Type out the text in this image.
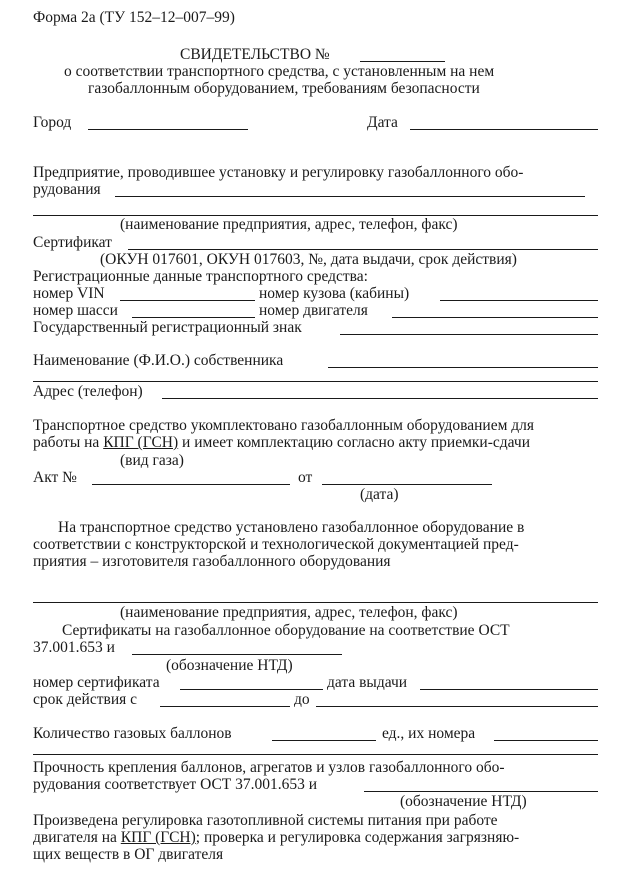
Форма 2а (ТУ 152–12–007–99)
СВИДЕТЕЛЬСТВО №
о соответствии транспортного средства, с установленным на нем
газобаллонным оборудованием, требованиям безопасности
Город	Дата
Предприятие, проводившее установку и регулировку газобаллонного обо-
рудования
(наименование предприятия, адрес, телефон, факс)
Сертификат
(ОКУН 017601, ОКУН 017603, №, дата выдачи, срок действия)
Регистрационные данные транспортного средства:
номер VIN	номер кузова (кабины)
номер шасси	номер двигателя
Государственный регистрационный знак
Наименование (Ф.И.О.) собственника
Адрес (телефон)
Транспортное средство укомплектовано газобаллонным оборудованием для
работы на КПГ (ГСН) и имеет комплектацию согласно акту приемки-сдачи
(вид газа)
Акт №	от
(дата)
На транспортное средство установлено газобаллонное оборудование в
соответствии с конструкторской и технологической документацией пред-
приятия – изготовителя газобаллонного оборудования
(наименование предприятия, адрес, телефон, факс)
Сертификаты на газобаллонное оборудование на соответствие ОСТ
37.001.653 и
(обозначение НТД)
номер сертификата	дата выдачи
срок действия с	до
Количество газовых баллонов	ед., их номера
Прочность крепления баллонов, агрегатов и узлов газобаллонного обо-
рудования соответствует ОСТ 37.001.653 и
(обозначение НТД)
Произведена регулировка газотопливной системы питания при работе
двигателя на КПГ (ГСН); проверка и регулировка содержания загрязняю-
щих веществ в ОГ двигателя
